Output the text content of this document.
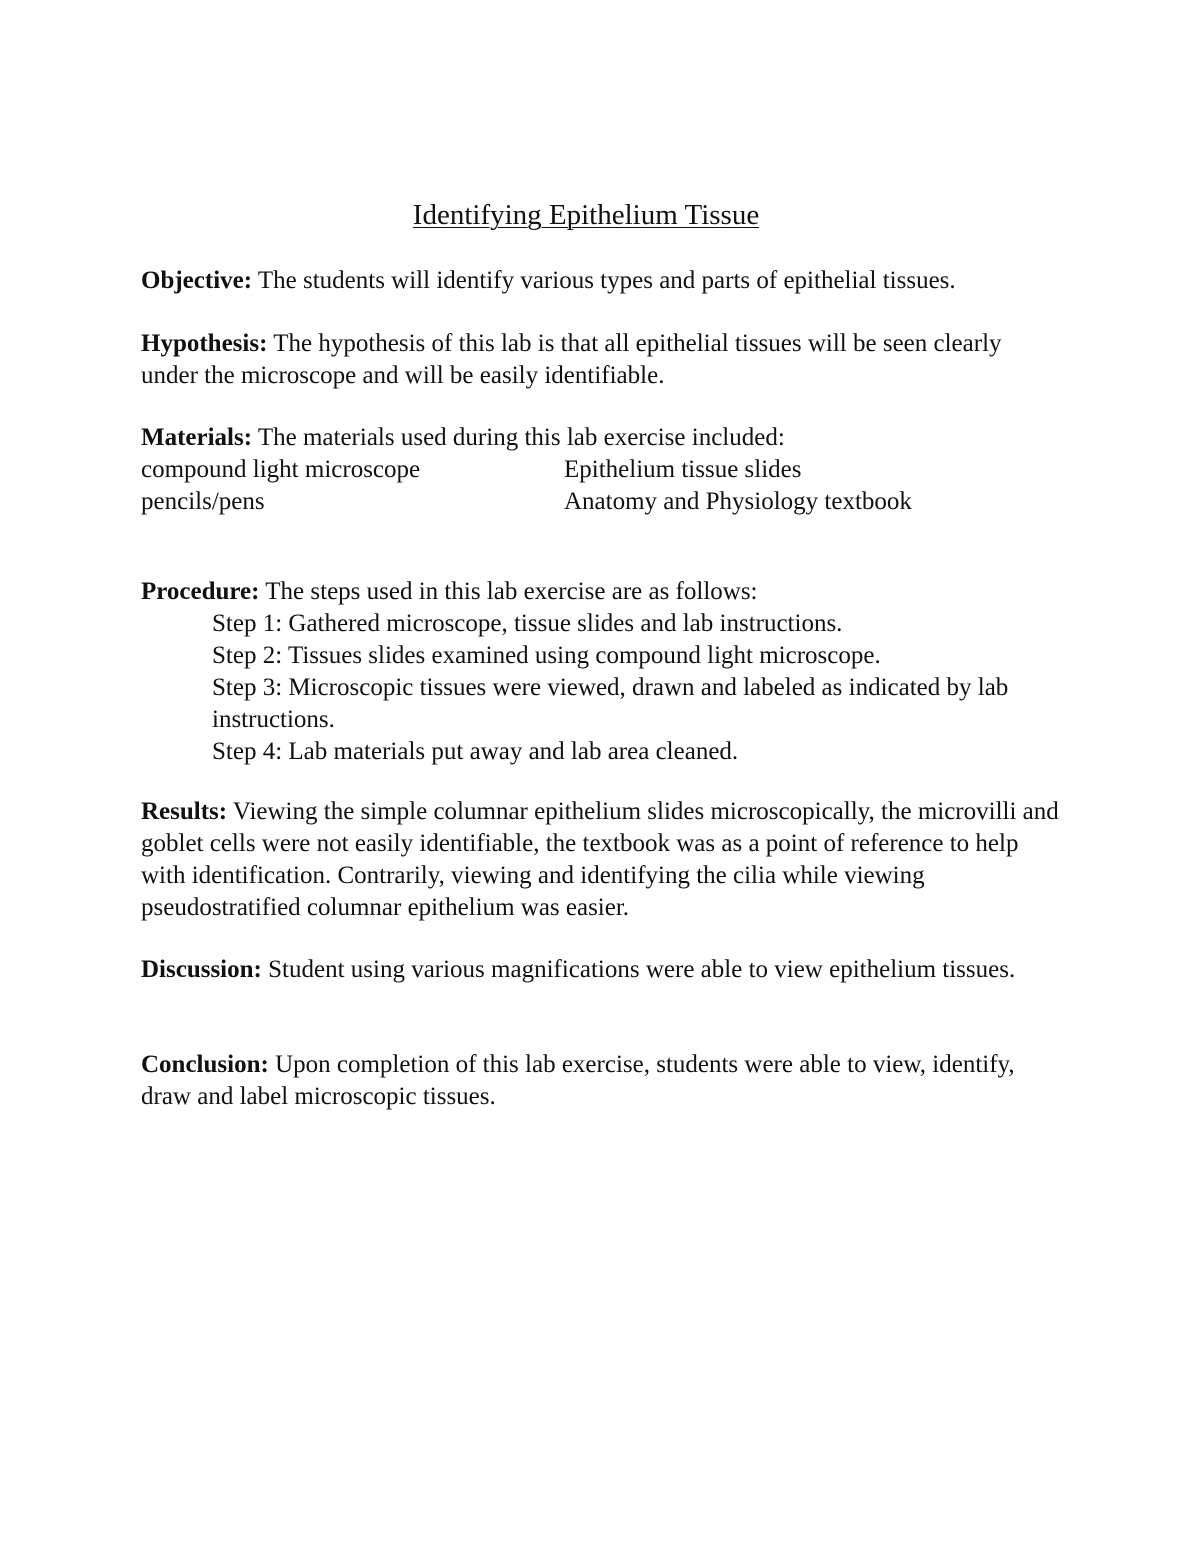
Identifying Epithelium Tissue
Objective: The students will identify various types and parts of epithelial tissues.
Hypothesis: The hypothesis of this lab is that all epithelial tissues will be seen clearly under the microscope and will be easily identifiable.
Materials: The materials used during this lab exercise included:
compound light microscope	Epithelium tissue slides
pencils/pens	Anatomy and Physiology textbook
Procedure: The steps used in this lab exercise are as follows:
Step 1: Gathered microscope, tissue slides and lab instructions.
Step 2: Tissues slides examined using compound light microscope.
Step 3: Microscopic tissues were viewed, drawn and labeled as indicated by lab instructions.
Step 4: Lab materials put away and lab area cleaned.
Results: Viewing the simple columnar epithelium slides microscopically, the microvilli and goblet cells were not easily identifiable, the textbook was as a point of reference to help with identification. Contrarily, viewing and identifying the cilia while viewing pseudostratified columnar epithelium was easier.
Discussion: Student using various magnifications were able to view epithelium tissues.
Conclusion: Upon completion of this lab exercise, students were able to view, identify, draw and label microscopic tissues.
